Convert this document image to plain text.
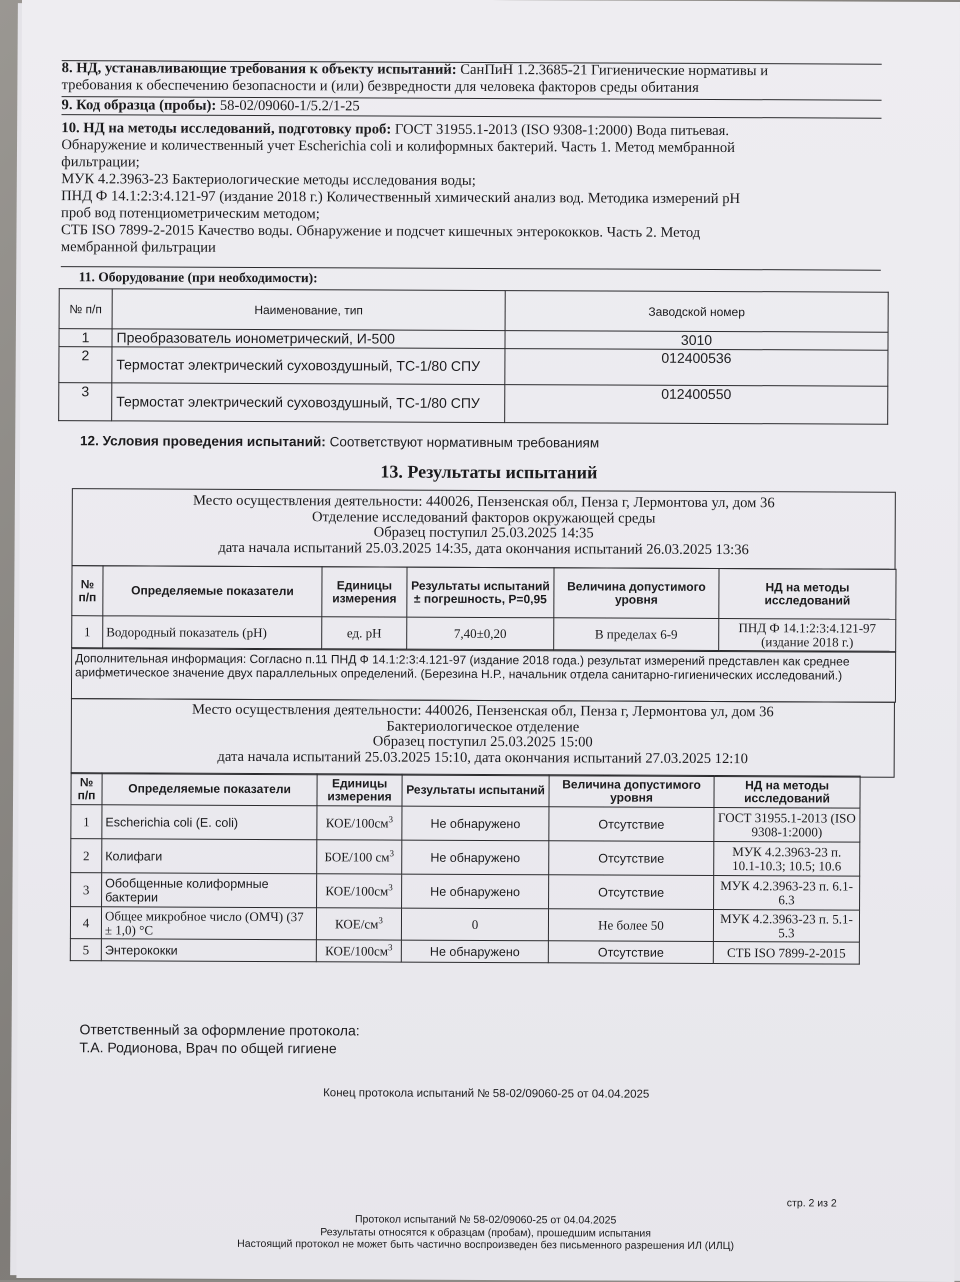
8. НД, устанавливающие требования к объекту испытаний: СанПиН 1.2.3685-21 Гигиенические нормативы и
требования к обеспечению безопасности и (или) безвредности для человека факторов среды обитания
9. Код образца (пробы): 58-02/09060-1/5.2/1-25
10. НД на методы исследований, подготовку проб: ГОСТ 31955.1-2013 (ISO 9308-1:2000) Вода питьевая.
Обнаружение и количественный учет Escherichia coli и колиформных бактерий. Часть 1. Метод мембранной
фильтрации;
МУК 4.2.3963-23 Бактериологические методы исследования воды;
ПНД Ф 14.1:2:3:4.121-97 (издание 2018 г.) Количественный химический анализ вод. Методика измерений pH
проб вод потенциометрическим методом;
СТБ ISO 7899-2-2015 Качество воды. Обнаружение и подсчет кишечных энтерококков. Часть 2. Метод
мембранной фильтрации
11. Оборудование (при необходимости):
№ п/п	Наименование, тип	Заводской номер
1	Преобразователь ионометрический, И-500	3010
2	Термостат электрический суховоздушный, ТС-1/80 СПУ	012400536
3	Термостат электрический суховоздушный, ТС-1/80 СПУ	012400550
12. Условия проведения испытаний: Соответствуют нормативным требованиям
13. Результаты испытаний
Место осуществления деятельности: 440026, Пензенская обл, Пенза г, Лермонтова ул, дом 36
Отделение исследований факторов окружающей среды
Образец поступил 25.03.2025 14:35
дата начала испытаний 25.03.2025 14:35, дата окончания испытаний 26.03.2025 13:36
№ п/п	Определяемые показатели	Единицы измерения	Результаты испытаний ± погрешность, P=0,95	Величина допустимого уровня	НД на методы исследований
1	Водородный показатель (pH)	ед. pH	7,40±0,20	В пределах 6-9	ПНД Ф 14.1:2:3:4.121-97 (издание 2018 г.)
Дополнительная информация: Согласно п.11 ПНД Ф 14.1:2:3:4.121-97 (издание 2018 года.) результат измерений представлен как среднее арифметическое значение двух параллельных определений. (Березина Н.Р., начальник отдела санитарно-гигиенических исследований.)
Место осуществления деятельности: 440026, Пензенская обл, Пенза г, Лермонтова ул, дом 36
Бактериологическое отделение
Образец поступил 25.03.2025 15:00
дата начала испытаний 25.03.2025 15:10, дата окончания испытаний 27.03.2025 12:10
№ п/п	Определяемые показатели	Единицы измерения	Результаты испытаний	Величина допустимого уровня	НД на методы исследований
1	Escherichia coli (E. coli)	КОЕ/$100см^3$	Не обнаружено	Отсутствие	ГОСТ 31955.1-2013 (ISO 9308-1:2000)
2	Колифаги	БОЕ/100 $см^3$	Не обнаружено	Отсутствие	МУК 4.2.3963-23 п. 10.1-10.3; 10.5; 10.6
3	Обобщенные колиформные бактерии	КОЕ/$100см^3$	Не обнаружено	Отсутствие	МУК 4.2.3963-23 п. 6.1-6.3
4	Общее микробное число (ОМЧ) (37 ± 1,0) °С	КОЕ/$см^3$	0	Не более 50	МУК 4.2.3963-23 п. 5.1-5.3
5	Энтерококки	КОЕ/$100см^3$	Не обнаружено	Отсутствие	СТБ ISO 7899-2-2015
Ответственный за оформление протокола:
Т.А. Родионова, Врач по общей гигиене
Конец протокола испытаний № 58-02/09060-25 от 04.04.2025
стр. 2 из 2
Протокол испытаний № 58-02/09060-25 от 04.04.2025
Результаты относятся к образцам (пробам), прошедшим испытания
Настоящий протокол не может быть частично воспроизведен без письменного разрешения ИЛ (ИЛЦ)
